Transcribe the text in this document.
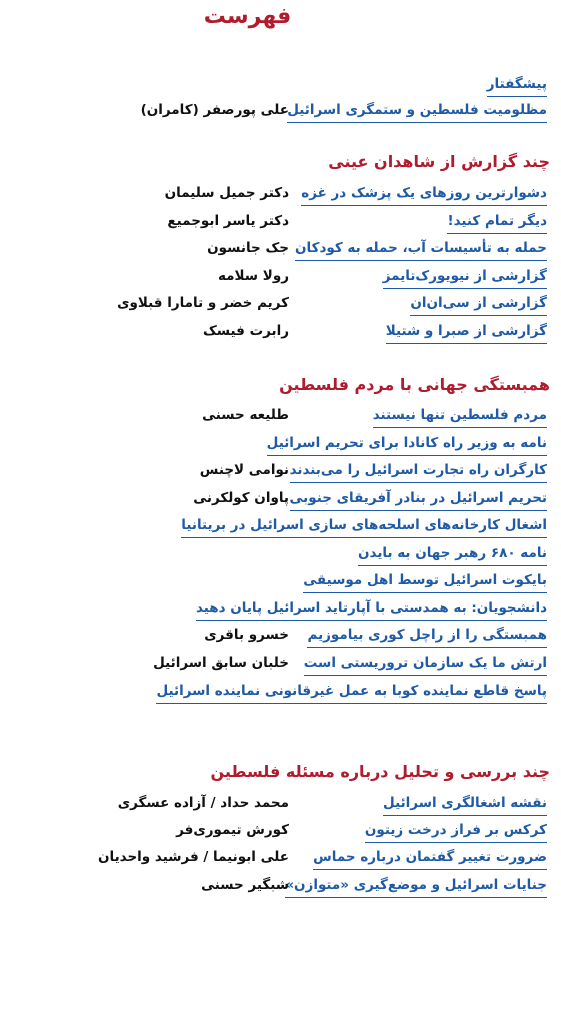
فهرست
پیشگفتار
مظلومیت فلسطین و ستمگری اسرائیل
علی پورصفر (کامران)
چند گزارش از شاهدان عینی
دشوارترین روزهای یک پزشک در غزه
دکتر جمیل سلیمان
دیگر تمام کنید!
دکتر یاسر ابوجمیع
حمله به تأسیسات آب، حمله به کودکان
جک جانسون
گزارشی از نیویورک‌تایمز
رولا سلامه
گزارشی از سی‌ان‌ان
کریم خضر و تامارا قبلاوی
گزارشی از صبرا و شتیلا
رابرت فیسک
همبستگی جهانی با مردم فلسطین
مردم فلسطین تنها نیستند
طلیعه حسنی
نامه به وزیر راه کانادا برای تحریم اسرائیل
کارگران راه تجارت اسرائیل را می‌بندند
نوامی لاچنس
تحریم اسرائیل در بنادر آفریقای جنوبی
پاوان کولکرنی
اشغال کارخانه‌های اسلحه‌های سازی اسرائیل در بریتانیا
نامه ۶۸۰ رهبر جهان به بایدن
بایکوت اسرائیل توسط اهل موسیقی
دانشجویان: به همدستی با آپارتاید اسرائیل پایان دهید
همبستگی را از راچل کوری بیاموزیم
خسرو باقری
ارتش ما یک سازمان تروریستی است
خلبان سابق اسرائیل
پاسخ قاطع نماینده کوبا به عمل غیرقانونی نماینده اسرائیل
چند بررسی و تحلیل درباره مسئله فلسطین
نقشه اشغالگری اسرائیل
محمد حداد / آزاده عسگری
کرکس بر فراز درخت زیتون
کورش تیموری‌فر
ضرورت تغییر گفتمان درباره حماس
علی ابونیما / فرشید واحدیان
جنایات اسرائیل و موضع‌گیری «متوازن»
شبگیر حسنی
